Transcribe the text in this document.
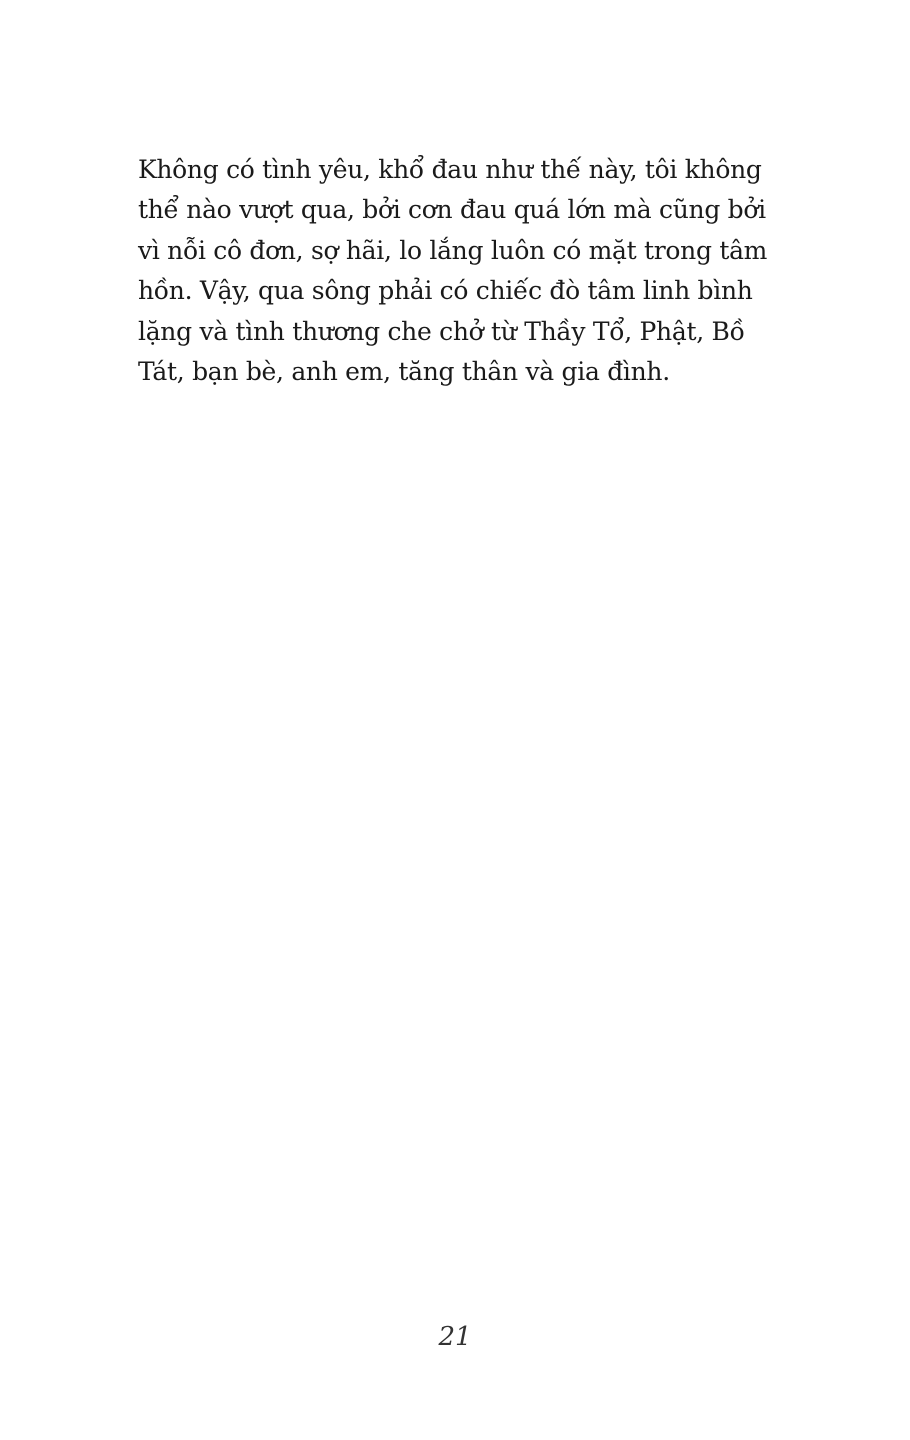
Không có tình yêu, khổ đau như thế này, tôi không
thể nào vượt qua, bởi cơn đau quá lớn mà cũng bởi
vì nỗi cô đơn, sợ hãi, lo lắng luôn có mặt trong tâm
hồn. Vậy, qua sông phải có chiếc đò tâm linh bình
lặng và tình thương che chở từ Thầy Tổ, Phật, Bồ
Tát, bạn bè, anh em, tăng thân và gia đình.

21
